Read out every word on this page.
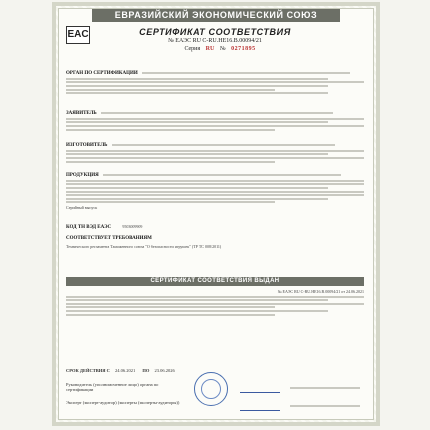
ЕВРАЗИЙСКИЙ ЭКОНОМИЧЕСКИЙ СОЮЗ
EAC	СЕРТИФИКАТ СООТВЕТСТВИЯ
№ ЕАЭС RU C-RU.НЕ16.В.00094/21
Серия RU № 0271895
ОРГАН ПО СЕРТИФИКАЦИИ
ЗАЯВИТЕЛЬ
ИЗГОТОВИТЕЛЬ
ПРОДУКЦИЯ
Серийный выпуск
КОД ТН ВЭД ЕАЭС	9503009909
СООТВЕТСТВУЕТ ТРЕБОВАНИЯМ
Технического регламента Таможенного союза "О безопасности игрушек" (ТР ТС 008/2011)
СЕРТИФИКАТ СООТВЕТСТВИЯ ВЫДАН
№ ЕАЭС RU C-RU.НЕ16.В.00094/21 от 24.06.2021
СРОК ДЕЙСТВИЯ С 24.06.2021 ПО 23.06.2026
Руководитель (уполномоченное лицо) органа по сертификации
Эксперт (эксперт-аудитор) (эксперты (эксперты-аудиторы))
